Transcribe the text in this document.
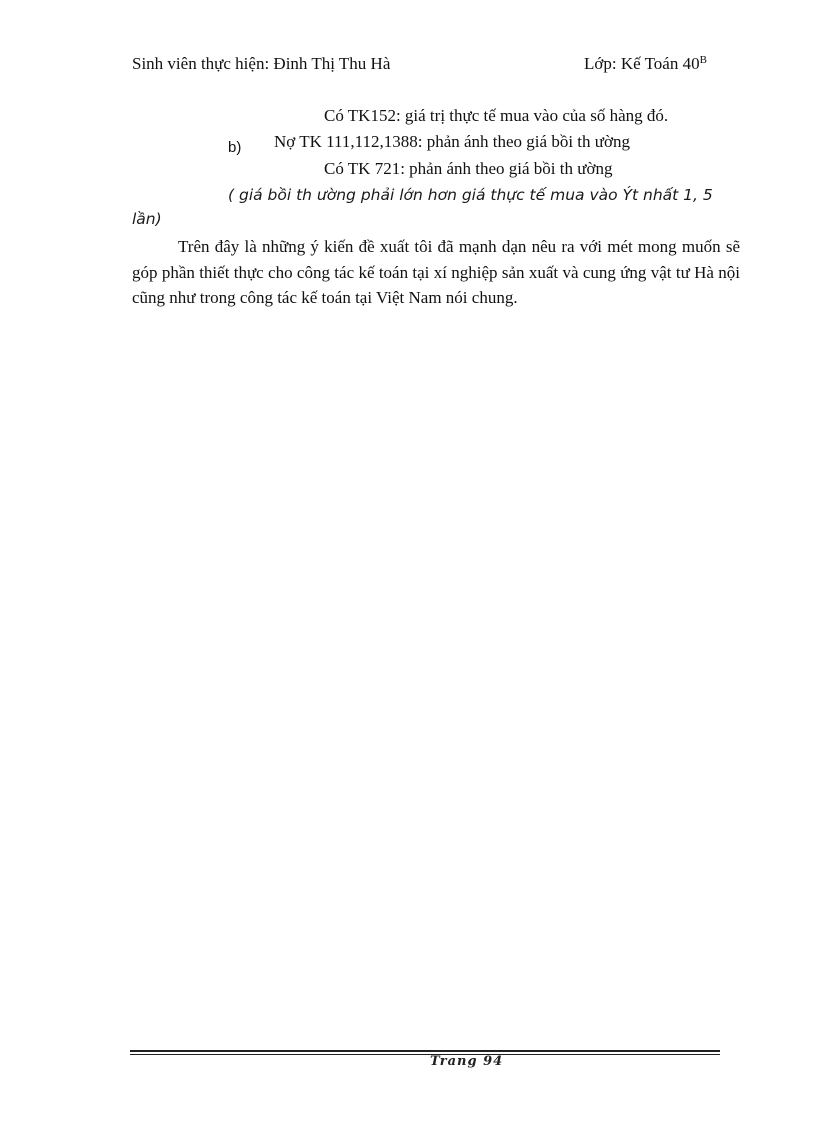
Sinh viên thực hiện: Đinh Thị Thu Hà	Lớp: Kế Toán $40^B$
Có TK152: giá trị thực tế mua vào của số hàng đó.
b) Nợ TK 111,112,1388: phản ánh theo giá bồi th ường
Có TK 721: phản ánh theo giá bồi th ường
( giá bồi th ường phải lớn hơn giá thực tế mua vào Ýt nhất 1, 5
lần)
Trên đây là những ý kiến đề xuất tôi đã mạnh dạn nêu ra với mét mong muốn sẽ góp phần thiết thực cho công tác kế toán tại xí nghiệp sản xuất và cung ứng vật tư Hà nội cũng như trong công tác kế toán tại Việt Nam nói chung.
Trang 94
